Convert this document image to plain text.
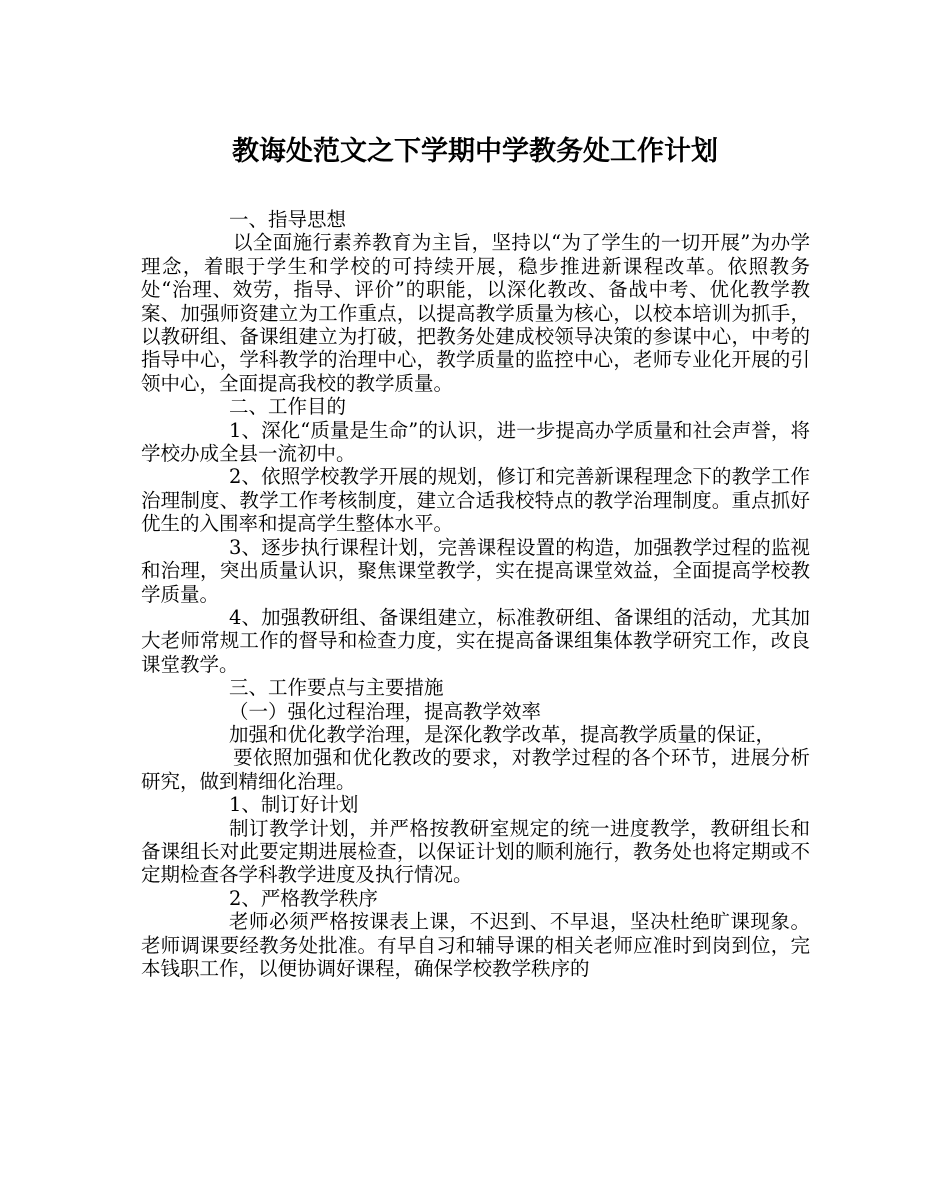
教诲处范文之下学期中学教务处工作计划

一、指导思想

以全面施行素养教育为主旨，坚持以“为了学生的一切开展”为办学理念，着眼于学生和学校的可持续开展，稳步推进新课程改革。依照教务处“治理、效劳，指导、评价”的职能，以深化教改、备战中考、优化教学教案、加强师资建立为工作重点，以提高教学质量为核心，以校本培训为抓手，以教研组、备课组建立为打破，把教务处建成校领导决策的参谋中心，中考的指导中心，学科教学的治理中心，教学质量的监控中心，老师专业化开展的引领中心，全面提高我校的教学质量。

二、工作目的

1、深化“质量是生命”的认识，进一步提高办学质量和社会声誉，将学校办成全县一流初中。

2、依照学校教学开展的规划，修订和完善新课程理念下的教学工作治理制度、教学工作考核制度，建立合适我校特点的教学治理制度。重点抓好优生的入围率和提高学生整体水平。

3、逐步执行课程计划，完善课程设置的构造，加强教学过程的监视和治理，突出质量认识，聚焦课堂教学，实在提高课堂效益，全面提高学校教学质量。

4、加强教研组、备课组建立，标准教研组、备课组的活动，尤其加大老师常规工作的督导和检查力度，实在提高备课组集体教学研究工作，改良课堂教学。

三、工作要点与主要措施

（一）强化过程治理，提高教学效率

加强和优化教学治理，是深化教学改革，提高教学质量的保证，

要依照加强和优化教改的要求，对教学过程的各个环节，进展分析研究，做到精细化治理。

1、制订好计划

制订教学计划，并严格按教研室规定的统一进度教学，教研组长和备课组长对此要定期进展检查，以保证计划的顺利施行，教务处也将定期或不定期检查各学科教学进度及执行情况。

2、严格教学秩序

老师必须严格按课表上课，不迟到、不早退，坚决杜绝旷课现象。老师调课要经教务处批准。有早自习和辅导课的相关老师应准时到岗到位，完本钱职工作，以便协调好课程，确保学校教学秩序的
